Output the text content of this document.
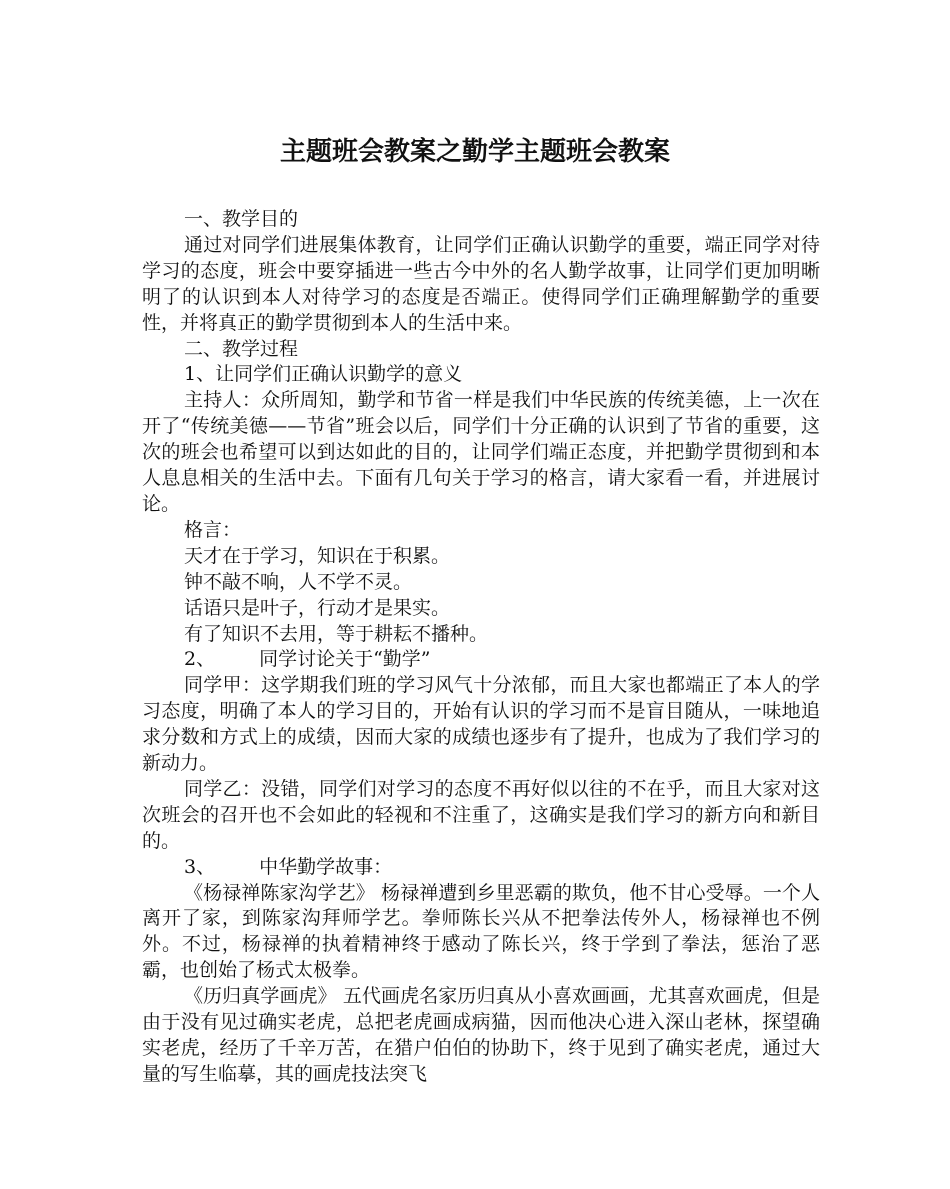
主题班会教案之勤学主题班会教案

一、教学目的

通过对同学们进展集体教育，让同学们正确认识勤学的重要，端正同学对待学习的态度，班会中要穿插进一些古今中外的名人勤学故事，让同学们更加明晰明了的认识到本人对待学习的态度是否端正。使得同学们正确理解勤学的重要性，并将真正的勤学贯彻到本人的生活中来。

二、教学过程

1、让同学们正确认识勤学的意义

主持人：众所周知，勤学和节省一样是我们中华民族的传统美德，上一次在开了“传统美德——节省”班会以后，同学们十分正确的认识到了节省的重要，这次的班会也希望可以到达如此的目的，让同学们端正态度，并把勤学贯彻到和本人息息相关的生活中去。下面有几句关于学习的格言，请大家看一看，并进展讨论。

格言：

天才在于学习，知识在于积累。

钟不敲不响，人不学不灵。

话语只是叶子，行动才是果实。

有了知识不去用，等于耕耘不播种。

2、 同学讨论关于“勤学”

同学甲：这学期我们班的学习风气十分浓郁，而且大家也都端正了本人的学习态度，明确了本人的学习目的，开始有认识的学习而不是盲目随从，一味地追求分数和方式上的成绩，因而大家的成绩也逐步有了提升，也成为了我们学习的新动力。

同学乙：没错，同学们对学习的态度不再好似以往的不在乎，而且大家对这次班会的召开也不会如此的轻视和不注重了，这确实是我们学习的新方向和新目的。

3、 中华勤学故事：

《杨禄禅陈家沟学艺》 杨禄禅遭到乡里恶霸的欺负，他不甘心受辱。一个人离开了家，到陈家沟拜师学艺。拳师陈长兴从不把拳法传外人，杨禄禅也不例外。不过，杨禄禅的执着精神终于感动了陈长兴，终于学到了拳法，惩治了恶霸，也创始了杨式太极拳。

《历归真学画虎》 五代画虎名家历归真从小喜欢画画，尤其喜欢画虎，但是由于没有见过确实老虎，总把老虎画成病猫，因而他决心进入深山老林，探望确实老虎，经历了千辛万苦，在猎户伯伯的协助下，终于见到了确实老虎，通过大量的写生临摹，其的画虎技法突飞
